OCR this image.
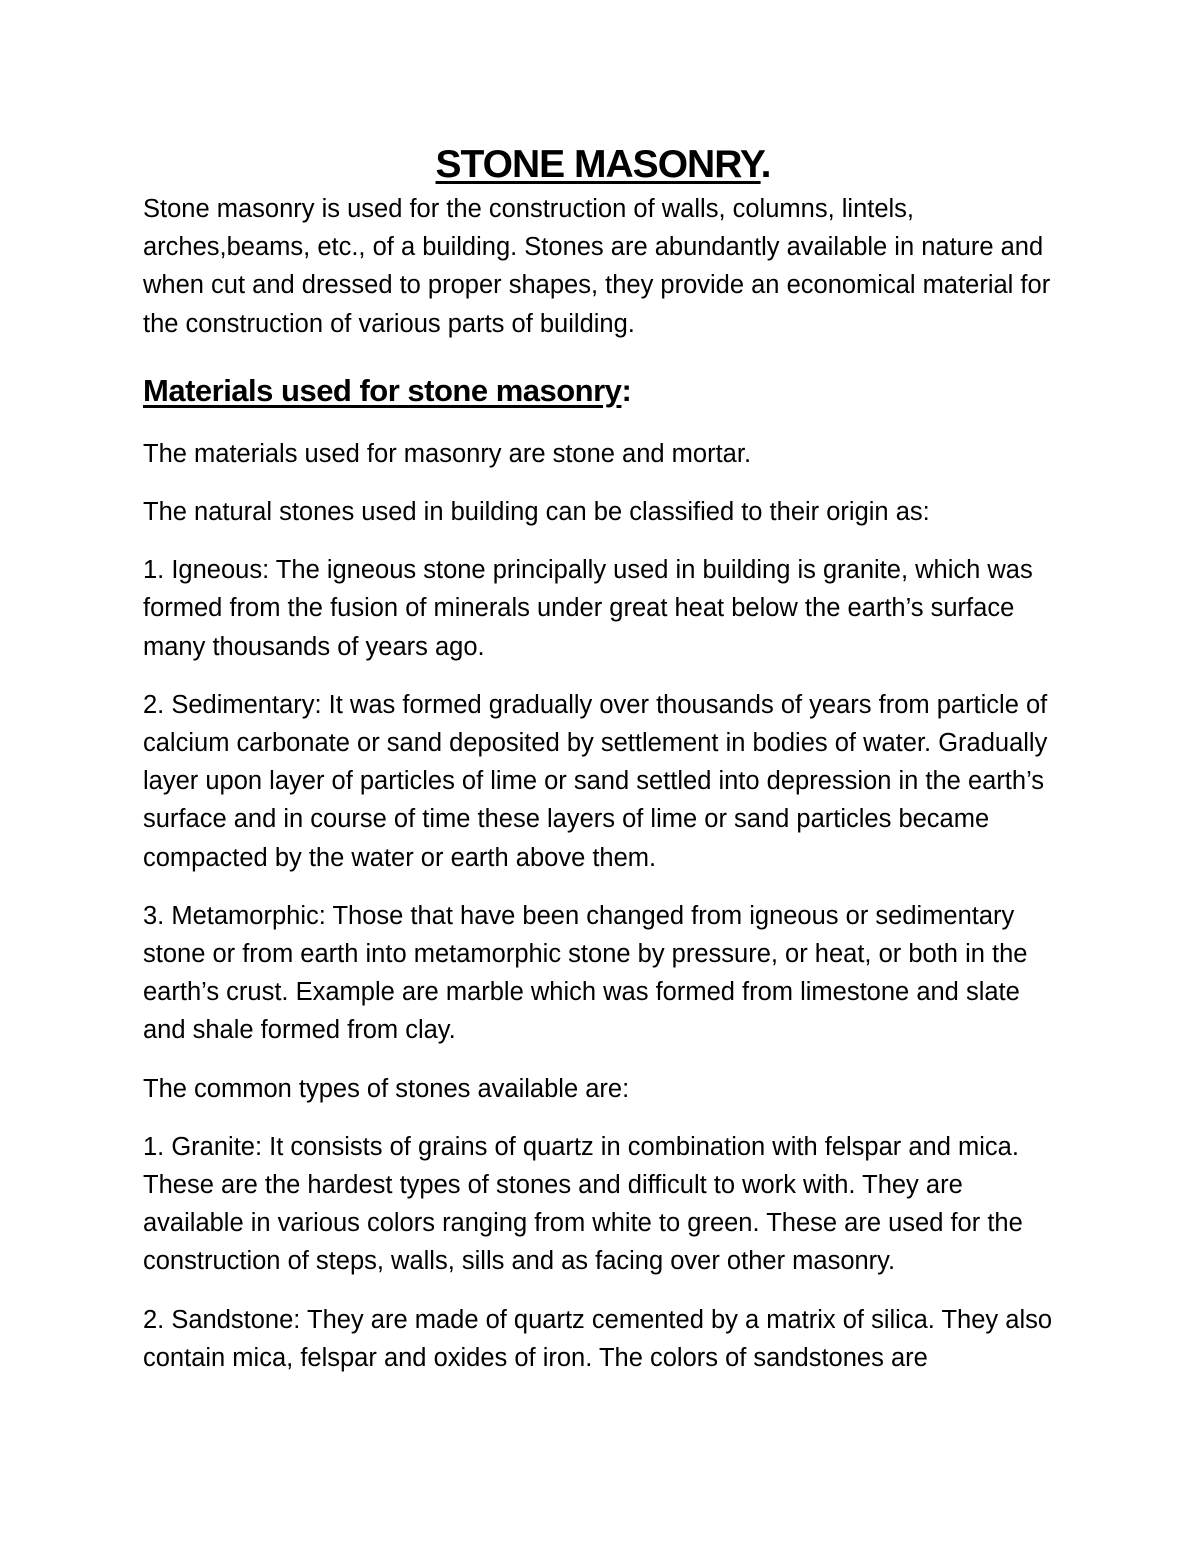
STONE MASONRY.

Stone masonry is used for the construction of walls, columns, lintels, arches,beams, etc., of a building. Stones are abundantly available in nature and when cut and dressed to proper shapes, they provide an economical material for the construction of various parts of building.

Materials used for stone masonry:

The materials used for masonry are stone and mortar.

The natural stones used in building can be classified to their origin as:

1. Igneous: The igneous stone principally used in building is granite, which was formed from the fusion of minerals under great heat below the earth’s surface many thousands of years ago.

2. Sedimentary: It was formed gradually over thousands of years from particle of calcium carbonate or sand deposited by settlement in bodies of water. Gradually layer upon layer of particles of lime or sand settled into depression in the earth’s surface and in course of time these layers of lime or sand particles became compacted by the water or earth above them.

3. Metamorphic: Those that have been changed from igneous or sedimentary stone or from earth into metamorphic stone by pressure, or heat, or both in the earth’s crust. Example are marble which was formed from limestone and slate and shale formed from clay.

The common types of stones available are:

1. Granite: It consists of grains of quartz in combination with felspar and mica. These are the hardest types of stones and difficult to work with. They are available in various colors ranging from white to green. These are used for the construction of steps, walls, sills and as facing over other masonry.

2. Sandstone: They are made of quartz cemented by a matrix of silica. They also contain mica, felspar and oxides of iron. The colors of sandstones are
